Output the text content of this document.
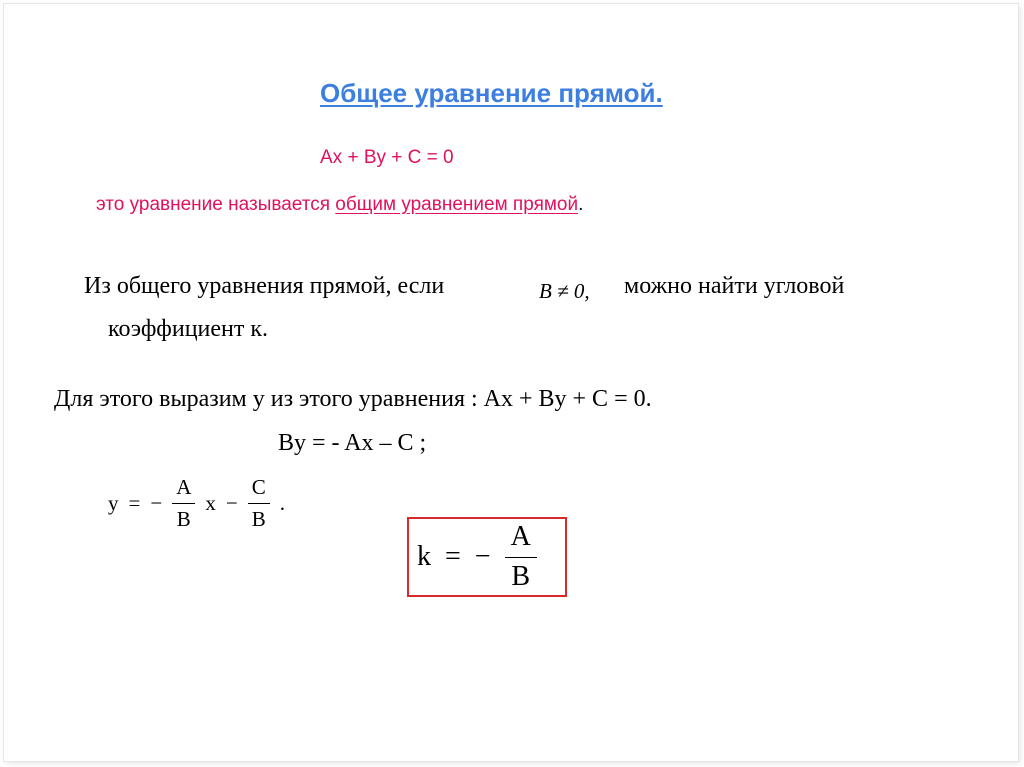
Общее уравнение прямой.
Ax + By + C = 0
это уравнение называется общим уравнением прямой.
Из общего уравнения прямой, если	B ≠ 0, можно найти угловой
коэффициент к.
Для этого выразим у из этого уравнения : Ax + By + C = 0.
By = - Ax – C ;
y = − $\frac{A}{B}$ $x - \frac{C}{B}$ .
k = − $\frac{A}{B}$
